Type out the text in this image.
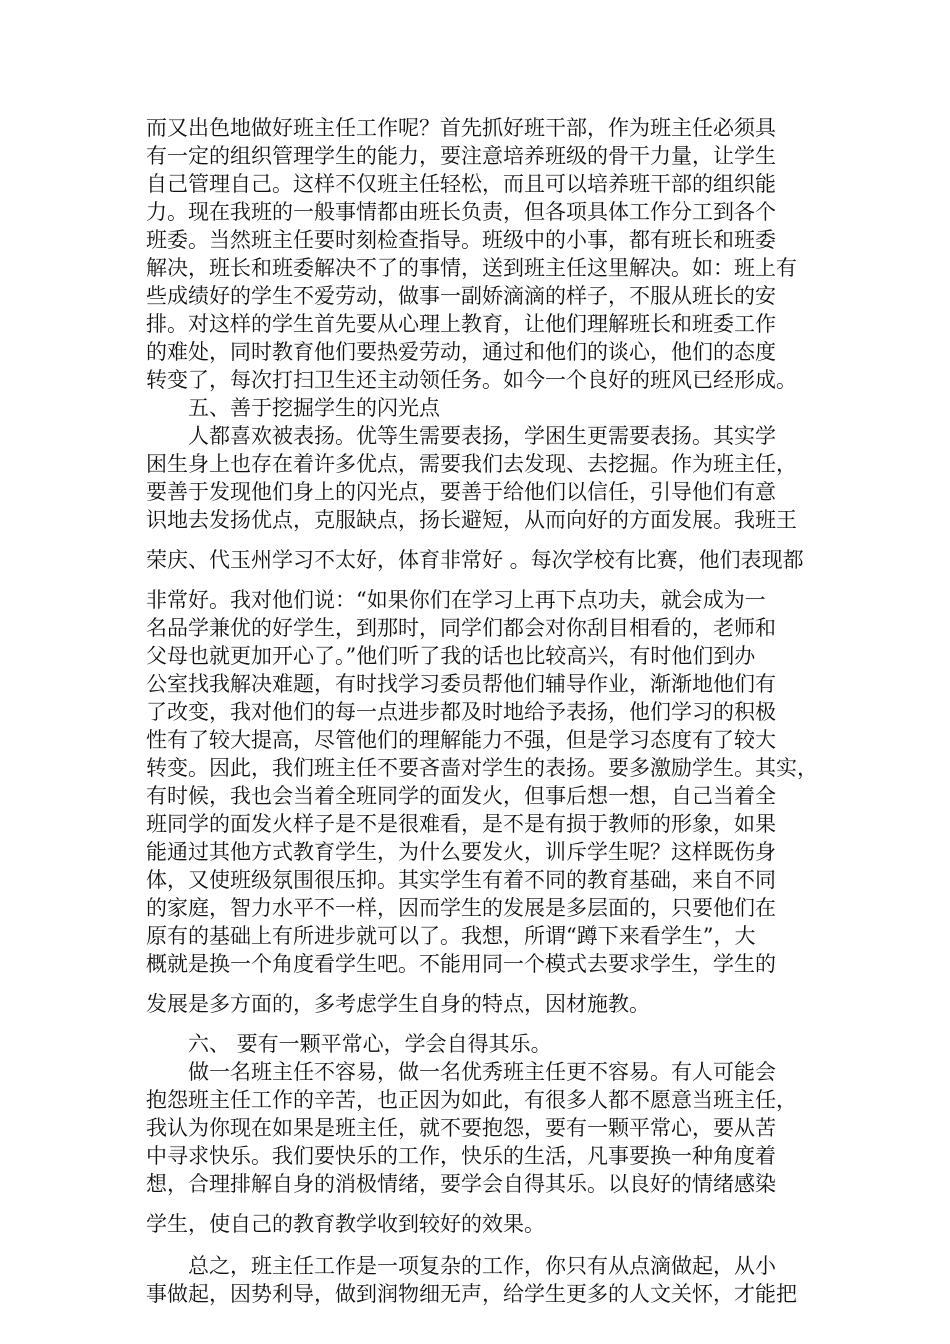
而又出色地做好班主任工作呢？首先抓好班干部，作为班主任必须具
有一定的组织管理学生的能力，要注意培养班级的骨干力量，让学生
自己管理自己。这样不仅班主任轻松，而且可以培养班干部的组织能
力。现在我班的一般事情都由班长负责，但各项具体工作分工到各个
班委。当然班主任要时刻检查指导。班级中的小事，都有班长和班委
解决，班长和班委解决不了的事情，送到班主任这里解决。如：班上有
些成绩好的学生不爱劳动，做事一副娇滴滴的样子，不服从班长的安
排。对这样的学生首先要从心理上教育，让他们理解班长和班委工作
的难处，同时教育他们要热爱劳动，通过和他们的谈心，他们的态度
转变了，每次打扫卫生还主动领任务。如今一个良好的班风已经形成。
五、善于挖掘学生的闪光点
人都喜欢被表扬。优等生需要表扬，学困生更需要表扬。其实学
困生身上也存在着许多优点，需要我们去发现、去挖掘。作为班主任，
要善于发现他们身上的闪光点，要善于给他们以信任，引导他们有意
识地去发扬优点，克服缺点，扬长避短，从而向好的方面发展。我班王
荣庆、代玉州学习不太好，体育非常好 。每次学校有比赛，他们表现都
非常好。我对他们说：“如果你们在学习上再下点功夫，就会成为一
名品学兼优的好学生，到那时，同学们都会对你刮目相看的，老师和
父母也就更加开心了。”他们听了我的话也比较高兴，有时他们到办
公室找我解决难题，有时找学习委员帮他们辅导作业，渐渐地他们有
了改变，我对他们的每一点进步都及时地给予表扬，他们学习的积极
性有了较大提高，尽管他们的理解能力不强，但是学习态度有了较大
转变。因此，我们班主任不要吝啬对学生的表扬。要多激励学生。其实，
有时候，我也会当着全班同学的面发火，但事后想一想，自己当着全
班同学的面发火样子是不是很难看，是不是有损于教师的形象，如果
能通过其他方式教育学生，为什么要发火，训斥学生呢？这样既伤身
体，又使班级氛围很压抑。其实学生有着不同的教育基础，来自不同
的家庭，智力水平不一样，因而学生的发展是多层面的，只要他们在
原有的基础上有所进步就可以了。我想，所谓“蹲下来看学生”，大
概就是换一个角度看学生吧。不能用同一个模式去要求学生，学生的
发展是多方面的，多考虑学生自身的特点，因材施教。
六、 要有一颗平常心，学会自得其乐。
做一名班主任不容易，做一名优秀班主任更不容易。有人可能会
抱怨班主任工作的辛苦，也正因为如此，有很多人都不愿意当班主任，
我认为你现在如果是班主任，就不要抱怨，要有一颗平常心，要从苦
中寻求快乐。我们要快乐的工作，快乐的生活，凡事要换一种角度着
想，合理排解自身的消极情绪，要学会自得其乐。以良好的情绪感染
学生，使自己的教育教学收到较好的效果。
总之，班主任工作是一项复杂的工作，你只有从点滴做起，从小
事做起，因势利导，做到润物细无声，给学生更多的人文关怀，才能把
